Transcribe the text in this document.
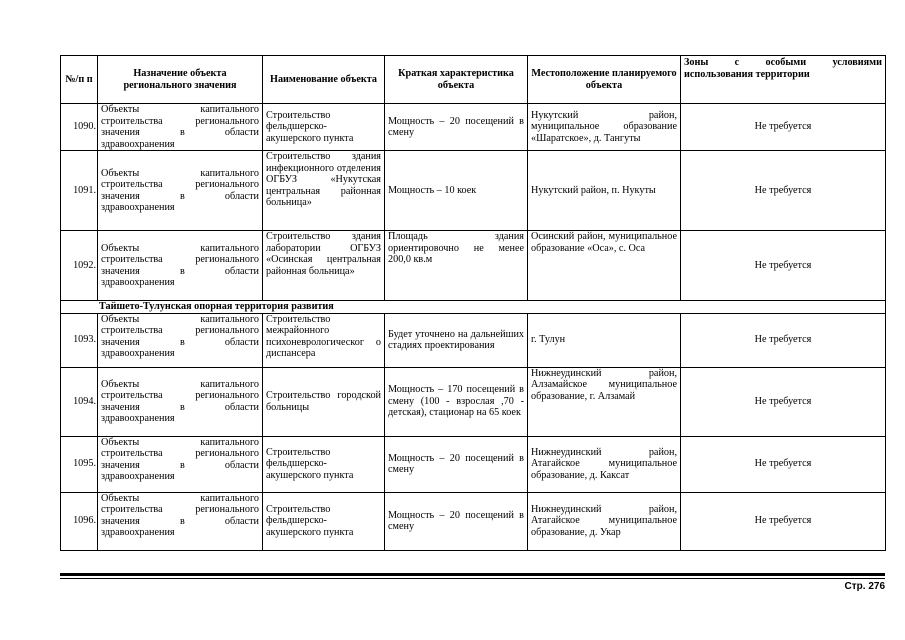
№/п п	Назначение объекта регионального значения	Наименование объекта	Краткая характеристика объекта	Местоположение планируемого объекта	Зоны с особыми условиями использования территории
1090.	Объекты капитального строительства регионального значения в области здравоохранения	Строительство фельдшерско-акушерского пункта	Мощность – 20 посещений в смену	Нукутский район, муниципальное образование «Шаратское», д. Тангуты	Не требуется
1091.	Объекты капитального строительства регионального значения в области здравоохранения	Строительство здания инфекционного отделения ОГБУЗ «Нукутская центральная районная больница»	Мощность – 10 коек	Нукутский район, п. Нукуты	Не требуется
1092.	Объекты капитального строительства регионального значения в области здравоохранения	Строительство здания лаборатории ОГБУЗ «Осинская центральная районная больница»	Площадь здания ориентировочно не менее 200,0 кв.м	Осинский район, муниципальное образование «Оса», с. Оса	Не требуется
Тайшето-Тулунская опорная территория развития					
1093.	Объекты капитального строительства регионального значения в области здравоохранения	Строительство межрайонного психоневрологическог о диспансера	Будет уточнено на дальнейших стадиях проектирования	г. Тулун	Не требуется
1094.	Объекты капитального строительства регионального значения в области здравоохранения	Строительство городской больницы	Мощность – 170 посещений в смену (100 - взрослая ,70 - детская), стационар на 65 коек	Нижнеудинский район, Алзамайское муниципальное образование, г. Алзамай	Не требуется
1095.	Объекты капитального строительства регионального значения в области здравоохранения	Строительство фельдшерско-акушерского пункта	Мощность – 20 посещений в смену	Нижнеудинский район, Атагайское муниципальное образование, д. Каксат	Не требуется
1096.	Объекты капитального строительства регионального значения в области здравоохранения	Строительство фельдшерско-акушерского пункта	Мощность – 20 посещений в смену	Нижнеудинский район, Атагайское муниципальное образование, д. Укар	Не требуется
Стр. 276
